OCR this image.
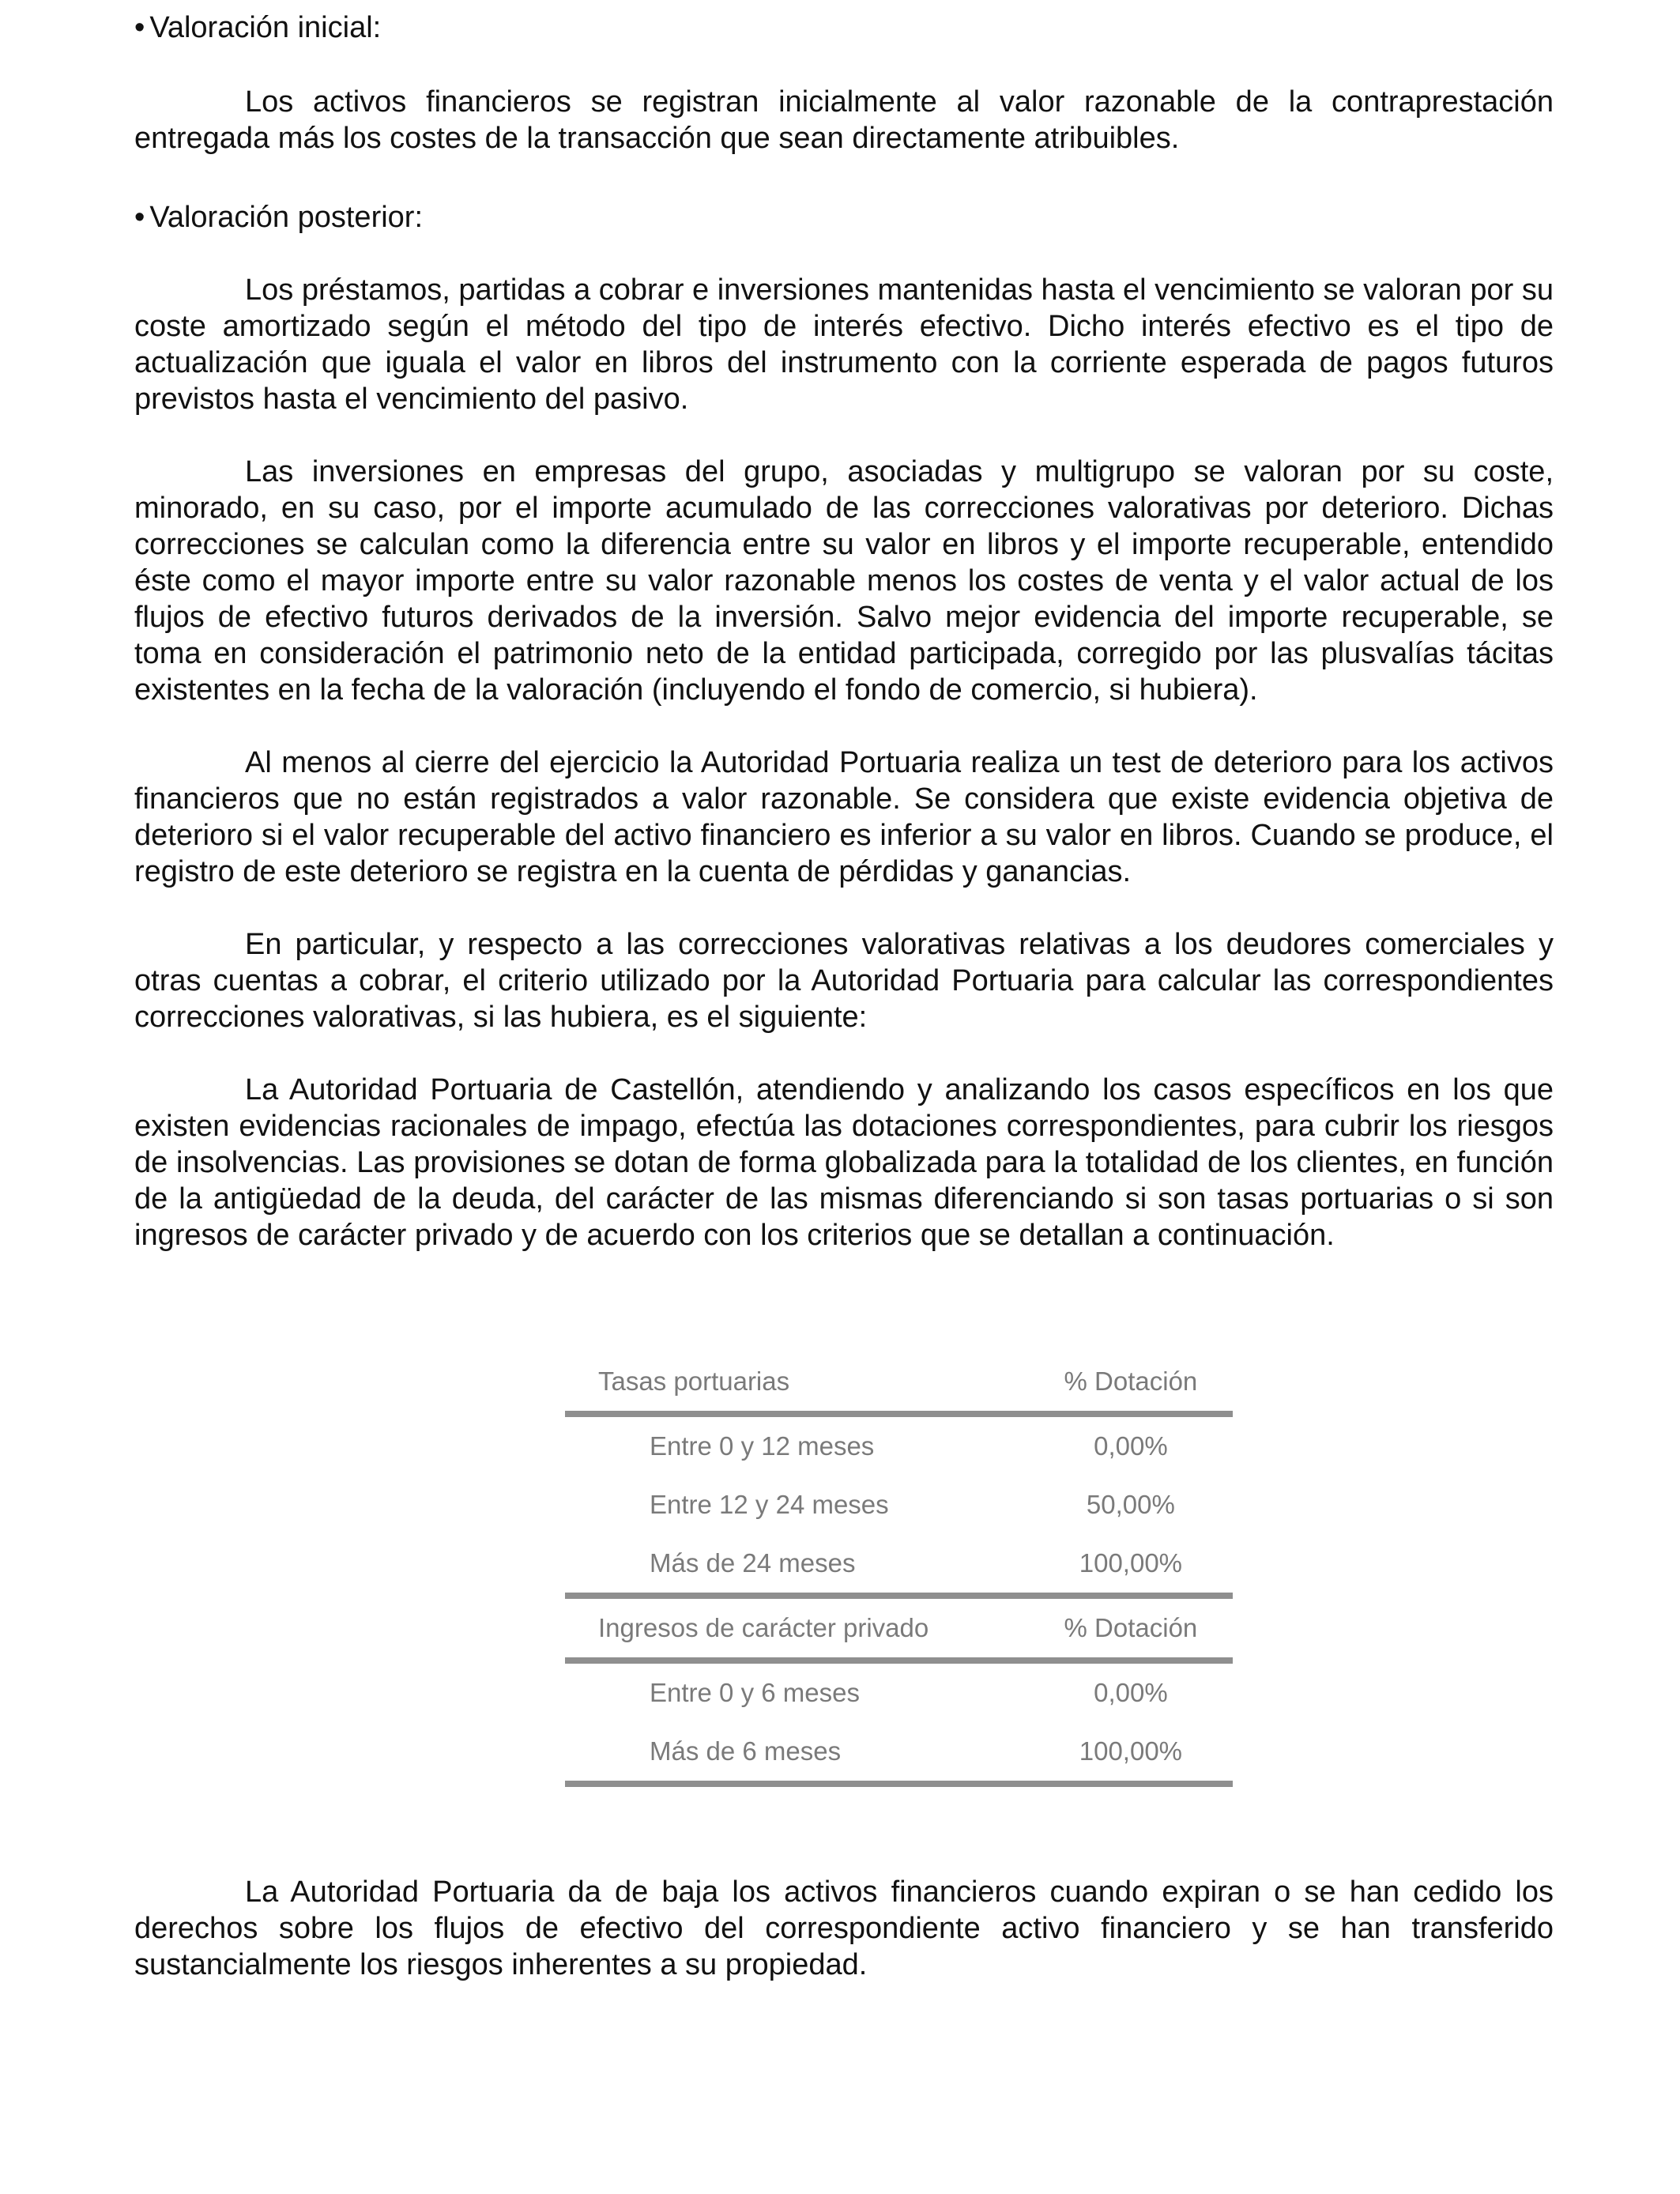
• Valoración inicial:

Los activos financieros se registran inicialmente al valor razonable de la contraprestación entregada más los costes de la transacción que sean directamente atribuibles.

• Valoración posterior:

Los préstamos, partidas a cobrar e inversiones mantenidas hasta el vencimiento se valoran por su coste amortizado según el método del tipo de interés efectivo. Dicho interés efectivo es el tipo de actualización que iguala el valor en libros del instrumento con la corriente esperada de pagos futuros previstos hasta el vencimiento del pasivo.

Las inversiones en empresas del grupo, asociadas y multigrupo se valoran por su coste, minorado, en su caso, por el importe acumulado de las correcciones valorativas por deterioro. Dichas correcciones se calculan como la diferencia entre su valor en libros y el importe recuperable, entendido éste como el mayor importe entre su valor razonable menos los costes de venta y el valor actual de los flujos de efectivo futuros derivados de la inversión. Salvo mejor evidencia del importe recuperable, se toma en consideración el patrimonio neto de la entidad participada, corregido por las plusvalías tácitas existentes en la fecha de la valoración (incluyendo el fondo de comercio, si hubiera).

Al menos al cierre del ejercicio la Autoridad Portuaria realiza un test de deterioro para los activos financieros que no están registrados a valor razonable. Se considera que existe evidencia objetiva de deterioro si el valor recuperable del activo financiero es inferior a su valor en libros. Cuando se produce, el registro de este deterioro se registra en la cuenta de pérdidas y ganancias.

En particular, y respecto a las correcciones valorativas relativas a los deudores comerciales y otras cuentas a cobrar, el criterio utilizado por la Autoridad Portuaria para calcular las correspondientes correcciones valorativas, si las hubiera, es el siguiente:

La Autoridad Portuaria de Castellón, atendiendo y analizando los casos específicos en los que existen evidencias racionales de impago, efectúa las dotaciones correspondientes, para cubrir los riesgos de insolvencias. Las provisiones se dotan de forma globalizada para la totalidad de los clientes, en función de la antigüedad de la deuda, del carácter de las mismas diferenciando si son tasas portuarias o si son ingresos de carácter privado y de acuerdo con los criterios que se detallan a continuación.

Tasas portuarias	% Dotación
Entre 0 y 12 meses	0,00%
Entre 12 y 24 meses	50,00%
Más de 24 meses	100,00%
Ingresos de carácter privado	% Dotación
Entre 0 y 6 meses	0,00%
Más de 6 meses	100,00%

La Autoridad Portuaria da de baja los activos financieros cuando expiran o se han cedido los derechos sobre los flujos de efectivo del correspondiente activo financiero y se han transferido sustancialmente los riesgos inherentes a su propiedad.
